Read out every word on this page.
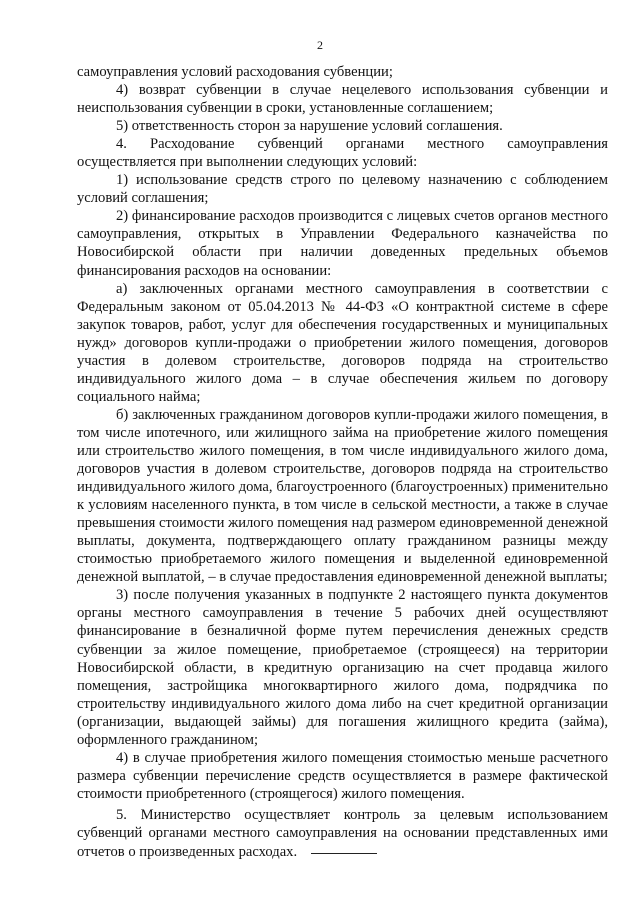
2

самоуправления условий расходования субвенции;

4) возврат субвенции в случае нецелевого использования субвенции и неиспользования субвенции в сроки, установленные соглашением;

5) ответственность сторон за нарушение условий соглашения.

4. Расходование субвенций органами местного самоуправления осуществляется при выполнении следующих условий:

1) использование средств строго по целевому назначению с соблюдением условий соглашения;

2) финансирование расходов производится с лицевых счетов органов местного самоуправления, открытых в Управлении Федерального казначейства по Новосибирской области при наличии доведенных предельных объемов финансирования расходов на основании:

а) заключенных органами местного самоуправления в соответствии с Федеральным законом от 05.04.2013 № 44-ФЗ «О контрактной системе в сфере закупок товаров, работ, услуг для обеспечения государственных и муниципальных нужд» договоров купли-продажи о приобретении жилого помещения, договоров участия в долевом строительстве, договоров подряда на строительство индивидуального жилого дома – в случае обеспечения жильем по договору социального найма;

б) заключенных гражданином договоров купли-продажи жилого помещения, в том числе ипотечного, или жилищного займа на приобретение жилого помещения или строительство жилого помещения, в том числе индивидуального жилого дома, договоров участия в долевом строительстве, договоров подряда на строительство индивидуального жилого дома, благоустроенного (благоустроенных) применительно к условиям населенного пункта, в том числе в сельской местности, а также в случае превышения стоимости жилого помещения над размером единовременной денежной выплаты, документа, подтверждающего оплату гражданином разницы между стоимостью приобретаемого жилого помещения и выделенной единовременной денежной выплатой, – в случае предоставления единовременной денежной выплаты;

3) после получения указанных в подпункте 2 настоящего пункта документов органы местного самоуправления в течение 5 рабочих дней осуществляют финансирование в безналичной форме путем перечисления денежных средств субвенции за жилое помещение, приобретаемое (строящееся) на территории Новосибирской области, в кредитную организацию на счет продавца жилого помещения, застройщика многоквартирного жилого дома, подрядчика по строительству индивидуального жилого дома либо на счет кредитной организации (организации, выдающей займы) для погашения жилищного кредита (займа), оформленного гражданином;

4) в случае приобретения жилого помещения стоимостью меньше расчетного размера субвенции перечисление средств осуществляется в размере фактической стоимости приобретенного (строящегося) жилого помещения.

5. Министерство осуществляет контроль за целевым использованием субвенций органами местного самоуправления на основании представленных ими отчетов о произведенных расходах.
